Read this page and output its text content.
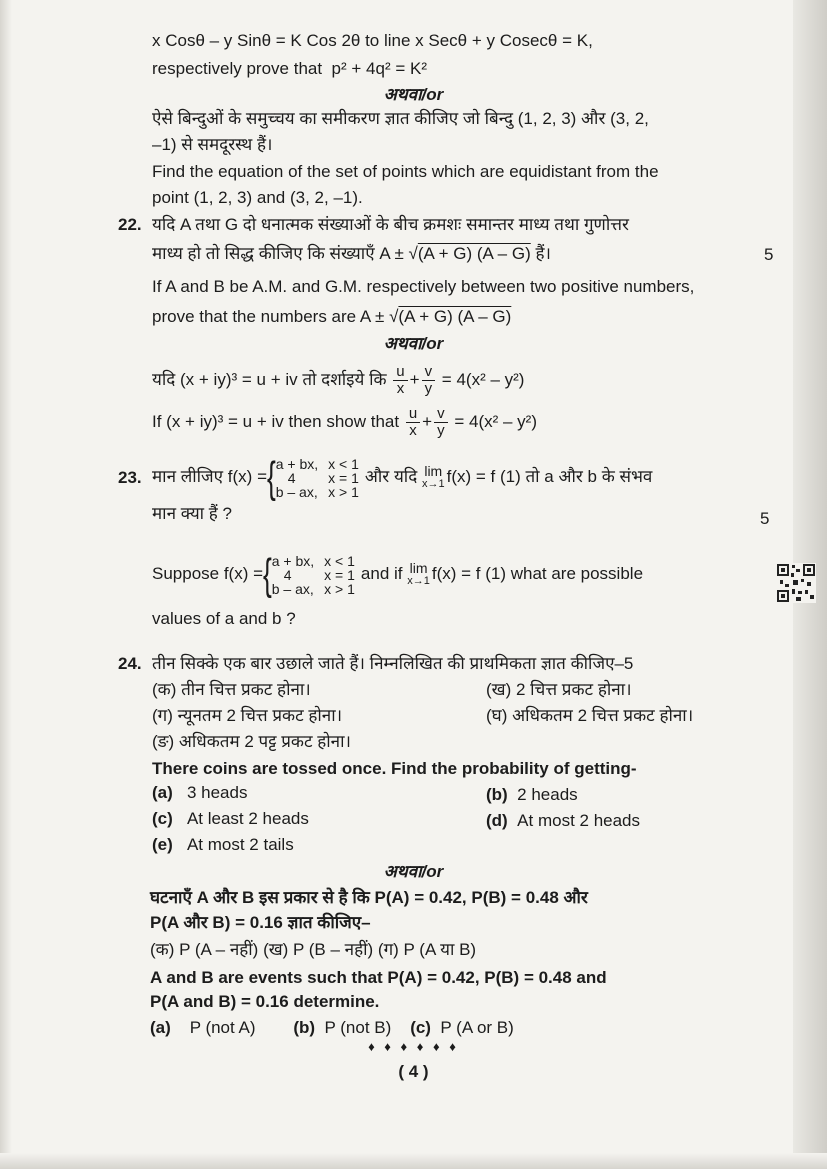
x Cosθ – y Sinθ = K Cos 2θ to line x Secθ + y Cosecθ = K,
respectively prove that p² + 4q² = K²
अथवा/or
ऐसे बिन्दुओं के समुच्चय का समीकरण ज्ञात कीजिए जो बिन्दु (1, 2, 3) और (3, 2,
–1) से समदूरस्थ हैं।
Find the equation of the set of points which are equidistant from the
point (1, 2, 3) and (3, 2, –1).
22. यदि A तथा G दो धनात्मक संख्याओं के बीच क्रमशः समान्तर माध्य तथा गुणोत्तर
माध्य हो तो सिद्ध कीजिए कि संख्याएँ A ± √(A + G) (A – G) हैं।	5
If A and B be A.M. and G.M. respectively between two positive numbers,
prove that the numbers are A ± √(A + G) (A – G)
अथवा/or
यदि (x + iy)³ = u + iv तो दर्शाइये कि $\frac{u}{x} + \frac{v}{y} = 4(x^2 - y^2)$
If (x + iy)³ = u + iv then show that $\frac{u}{x} + \frac{v}{y} = 4(x^2 - y^2)$
23. मान लीजिए f(x) ={ a + bx,
4
b – ax,
x < 1
x = 1
x > 1
और यदि lim
x→1 f(x) = f (1) तो a और b के संभव
मान क्या हैं ?	5
Suppose f(x) ={ a + bx,
4
b – ax,
x < 1
x = 1
x > 1
and if lim
x→1 f(x) = f (1) what are possible
values of a and b ?
24. तीन सिक्के एक बार उछाले जाते हैं। निम्नलिखित की प्राथमिकता ज्ञात कीजिए–5
(क) तीन चित्त प्रकट होना।	(ख) 2 चित्त प्रकट होना।
(ग) न्यूनतम 2 चित्त प्रकट होना।	(घ) अधिकतम 2 चित्त प्रकट होना।
(ङ) अधिकतम 2 पट्ट प्रकट होना।
There coins are tossed once. Find the probability of getting-
(a) 3 heads	(b) 2 heads
(c) At least 2 heads	(d) At most 2 heads
(e) At most 2 tails
अथवा/or
घटनाएँ A और B इस प्रकार से है कि P(A) = 0.42, P(B) = 0.48 और
P(A और B) = 0.16 ज्ञात कीजिए–
(क) P (A – नहीं) (ख) P (B – नहीं) (ग) P (A या B)
A and B are events such that P(A) = 0.42, P(B) = 0.48 and
P(A and B) = 0.16 determine.
(a) P (not A) (b) P (not B) (c) P (A or B)
♦ ♦ ♦ ♦ ♦ ♦
( 4 )
